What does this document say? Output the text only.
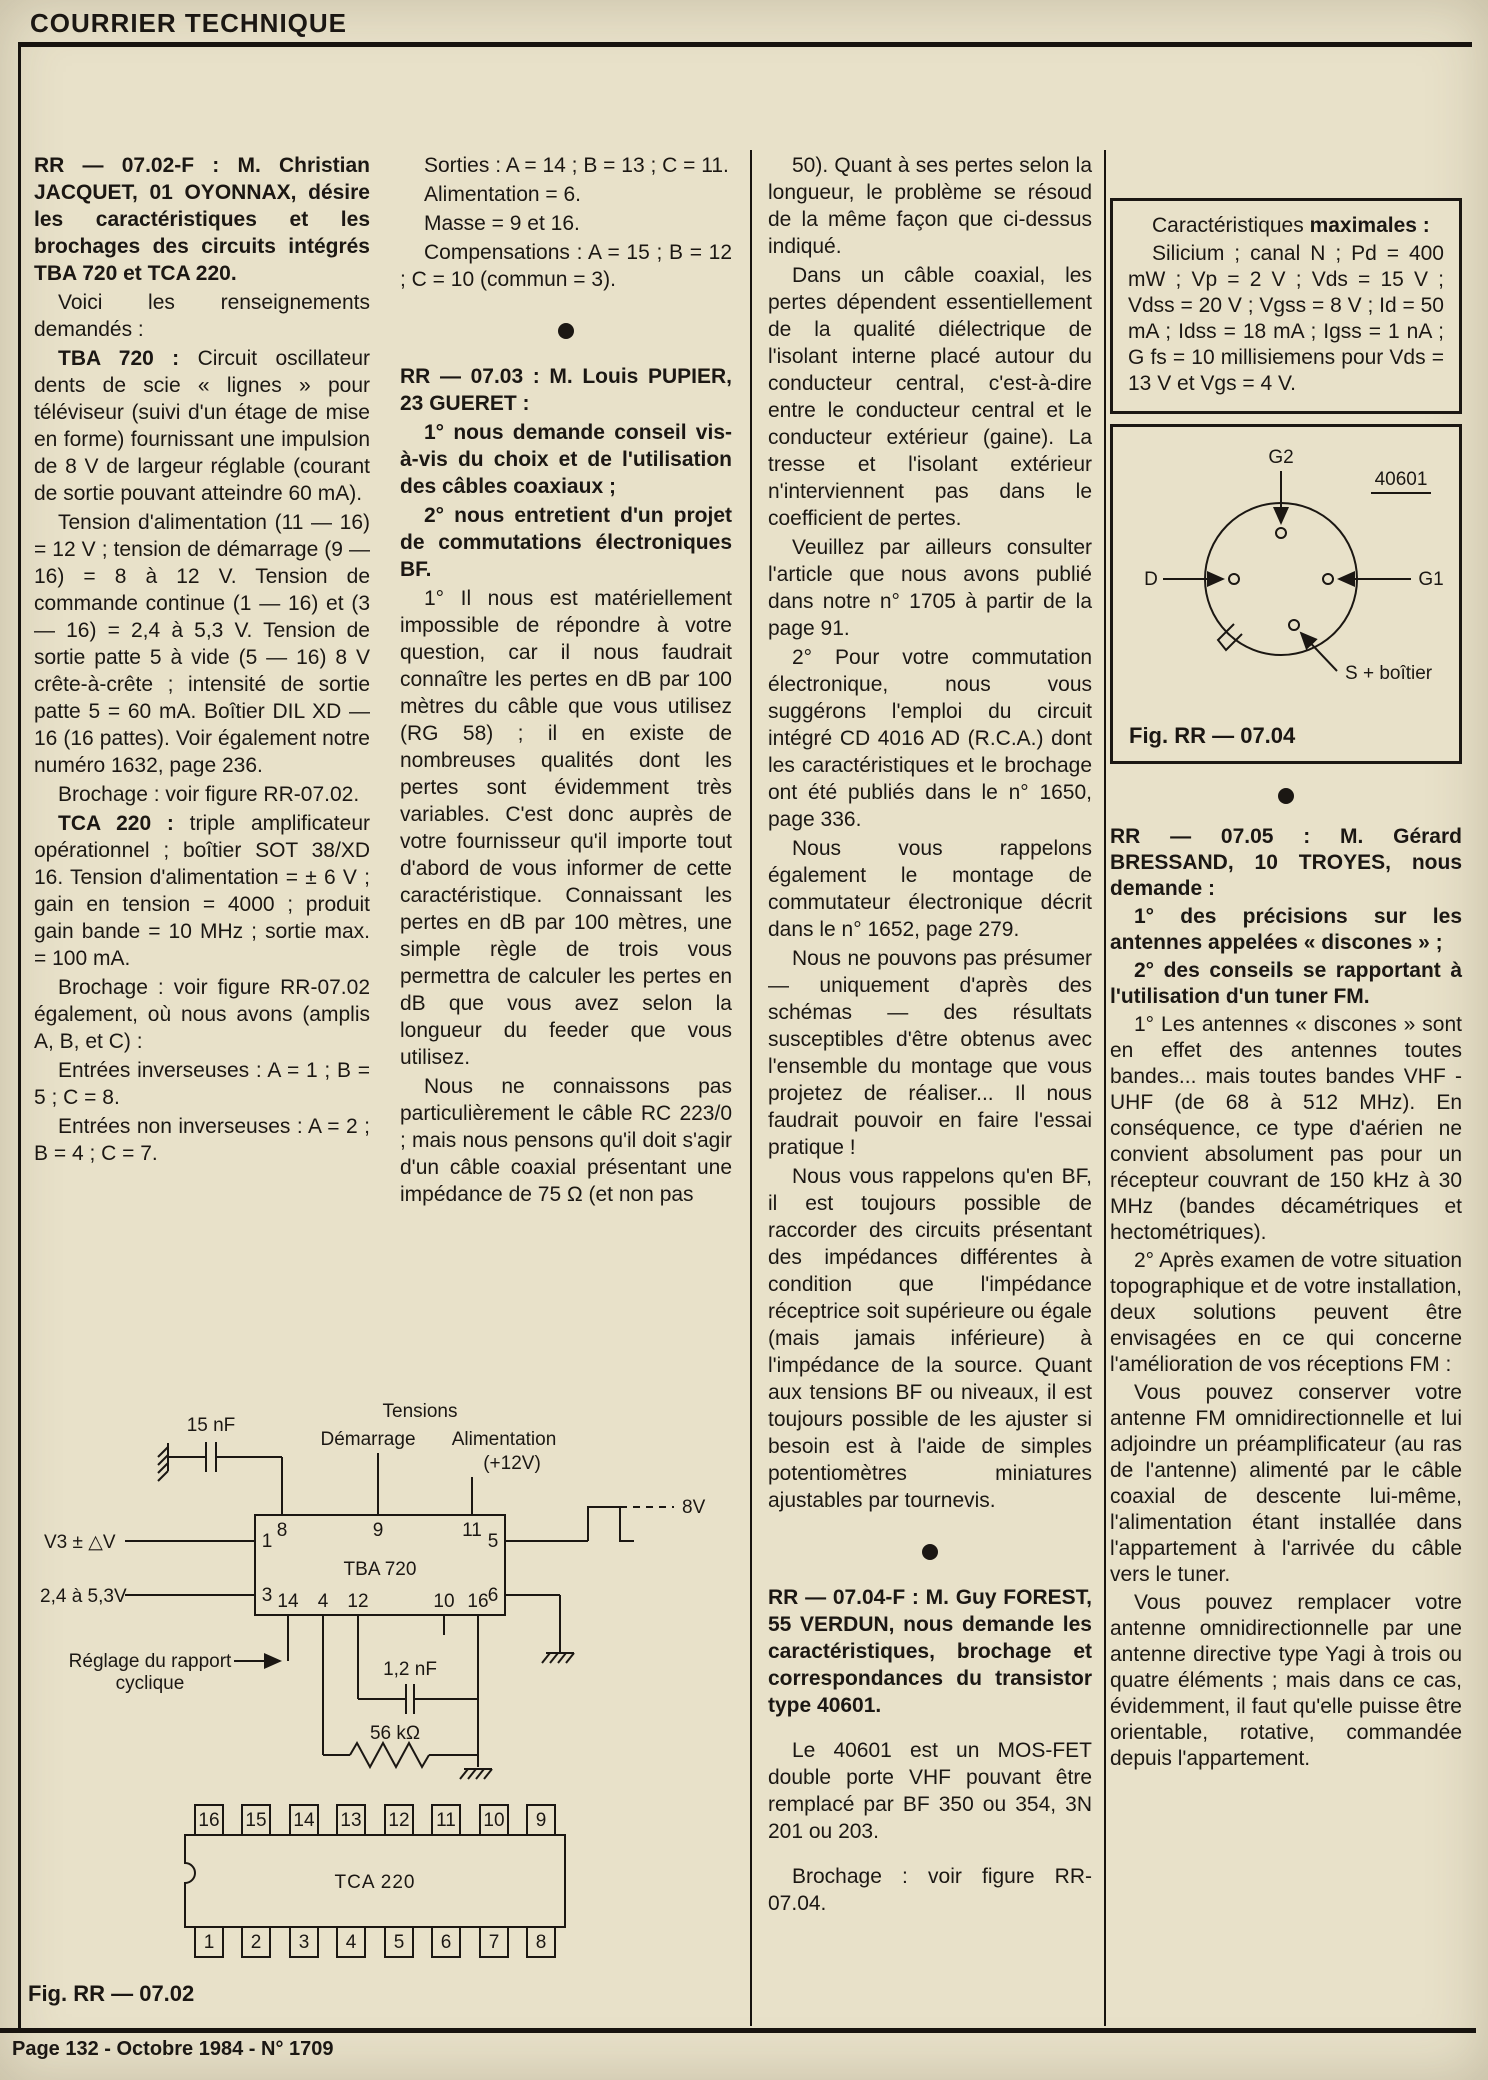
COURRIER TECHNIQUE

RR — 07.02-F : M. Christian JACQUET, 01 OYONNAX, désire les caractéristiques et les brochages des circuits intégrés TBA 720 et TCA 220.

Voici les renseignements demandés :

TBA 720 : Circuit oscillateur dents de scie « lignes » pour téléviseur (suivi d'un étage de mise en forme) fournissant une impulsion de 8 V de largeur réglable (courant de sortie pouvant atteindre 60 mA).

Tension d'alimentation (11 — 16) = 12 V ; tension de démarrage (9 — 16) = 8 à 12 V. Tension de commande continue (1 — 16) et (3 — 16) = 2,4 à 5,3 V. Tension de sortie patte 5 à vide (5 — 16) 8 V crête-à-crête ; intensité de sortie patte 5 = 60 mA. Boîtier DIL XD — 16 (16 pattes). Voir également notre numéro 1632, page 236.

Brochage : voir figure RR-07.02.

TCA 220 : triple amplificateur opérationnel ; boîtier SOT 38/XD 16. Tension d'alimentation = ± 6 V ; gain en tension = 4000 ; produit gain bande = 10 MHz ; sortie max. = 100 mA.

Brochage : voir figure RR-07.02 également, où nous avons (amplis A, B, et C) :

Entrées inverseuses : A = 1 ; B = 5 ; C = 8.

Entrées non inverseuses : A = 2 ; B = 4 ; C = 7.

Sorties : A = 14 ; B = 13 ; C = 11.

Alimentation = 6.

Masse = 9 et 16.

Compensations : A = 15 ; B = 12 ; C = 10 (commun = 3).

RR — 07.03 : M. Louis PUPIER, 23 GUERET :

1° nous demande conseil vis-à-vis du choix et de l'utilisation des câbles coaxiaux ;

2° nous entretient d'un projet de commutations électroniques BF.

1° Il nous est matériellement impossible de répondre à votre question, car il nous faudrait connaître les pertes en dB par 100 mètres du câble que vous utilisez (RG 58) ; il en existe de nombreuses qualités dont les pertes sont évidemment très variables. C'est donc auprès de votre fournisseur qu'il importe tout d'abord de vous informer de cette caractéristique. Connaissant les pertes en dB par 100 mètres, une simple règle de trois vous permettra de calculer les pertes en dB que vous avez selon la longueur du feeder que vous utilisez.

Nous ne connaissons pas particulièrement le câble RC 223/0 ; mais nous pensons qu'il doit s'agir d'un câble coaxial présentant une impédance de 75 Ω (et non pas

50). Quant à ses pertes selon la longueur, le problème se résoud de la même façon que ci-dessus indiqué.

Dans un câble coaxial, les pertes dépendent essentiellement de la qualité diélectrique de l'isolant interne placé autour du conducteur central, c'est-à-dire entre le conducteur central et le conducteur extérieur (gaine). La tresse et l'isolant extérieur n'interviennent pas dans le coefficient de pertes.

Veuillez par ailleurs consulter l'article que nous avons publié dans notre n° 1705 à partir de la page 91.

2° Pour votre commutation électronique, nous vous suggérons l'emploi du circuit intégré CD 4016 AD (R.C.A.) dont les caractéristiques et le brochage ont été publiés dans le n° 1650, page 336.

Nous vous rappelons également le montage de commutateur électronique décrit dans le n° 1652, page 279.

Nous ne pouvons pas présumer — uniquement d'après des schémas — des résultats susceptibles d'être obtenus avec l'ensemble du montage que vous projetez de réaliser... Il nous faudrait pouvoir en faire l'essai pratique !

Nous vous rappelons qu'en BF, il est toujours possible de raccorder des circuits présentant des impédances différentes à condition que l'impédance réceptrice soit supérieure ou égale (mais jamais inférieure) à l'impédance de la source. Quant aux tensions BF ou niveaux, il est toujours possible de les ajuster si besoin est à l'aide de simples potentiomètres miniatures ajustables par tournevis.

RR — 07.04-F : M. Guy FOREST, 55 VERDUN, nous demande les caractéristiques, brochage et correspondances du transistor type 40601.

Le 40601 est un MOS-FET double porte VHF pouvant être remplacé par BF 350 ou 354, 3N 201 ou 203.

Brochage : voir figure RR-07.04.

Caractéristiques maximales :

Silicium ; canal N ; Pd = 400 mW ; Vp = 2 V ; Vds = 15 V ; Vdss = 20 V ; Vgss = 8 V ; Id = 50 mA ; Idss = 18 mA ; Igss = 1 nA ; G fs = 10 millisiemens pour Vds = 13 V et Vgs = 4 V.

G2
40601
D	G1
S + boîtier
Fig. RR — 07.04

RR — 07.05 : M. Gérard BRESSAND, 10 TROYES, nous demande :

1° des précisions sur les antennes appelées « discones » ;

2° des conseils se rapportant à l'utilisation d'un tuner FM.

1° Les antennes « discones » sont en effet des antennes toutes bandes... mais toutes bandes VHF - UHF (de 68 à 512 MHz). En conséquence, ce type d'aérien ne convient absolument pas pour un récepteur couvrant de 150 kHz à 30 MHz (bandes décamétriques et hectométriques).

2° Après examen de votre situation topographique et de votre installation, deux solutions peuvent être envisagées en ce qui concerne l'amélioration de vos réceptions FM :

Vous pouvez conserver votre antenne FM omnidirectionnelle et lui adjoindre un préamplificateur (au ras de l'antenne) alimenté par le câble coaxial de descente lui-même, l'alimentation étant installée dans l'appartement à l'arrivée du câble vers le tuner.

Vous pouvez remplacer votre antenne omnidirectionnelle par une antenne directive type Yagi à trois ou quatre éléments ; mais dans ce cas, évidemment, il faut qu'elle puisse être orientable, rotative, commandée depuis l'appartement.

15 nF
Tensions
Démarrage Alimentation
(+12V)
V3 ± △V
2,4 à 5,3V
TBA 720
8V
Réglage du rapport
cyclique
1,2 nF
56 kΩ
8	9	11
1
3
5
6
14 4 12	10 16
16 15 14 13 12 11 10 9
1 2 3 4 5 6 7 8
TCA 220
Fig. RR — 07.02
Page 132 - Octobre 1984 - N° 1709
